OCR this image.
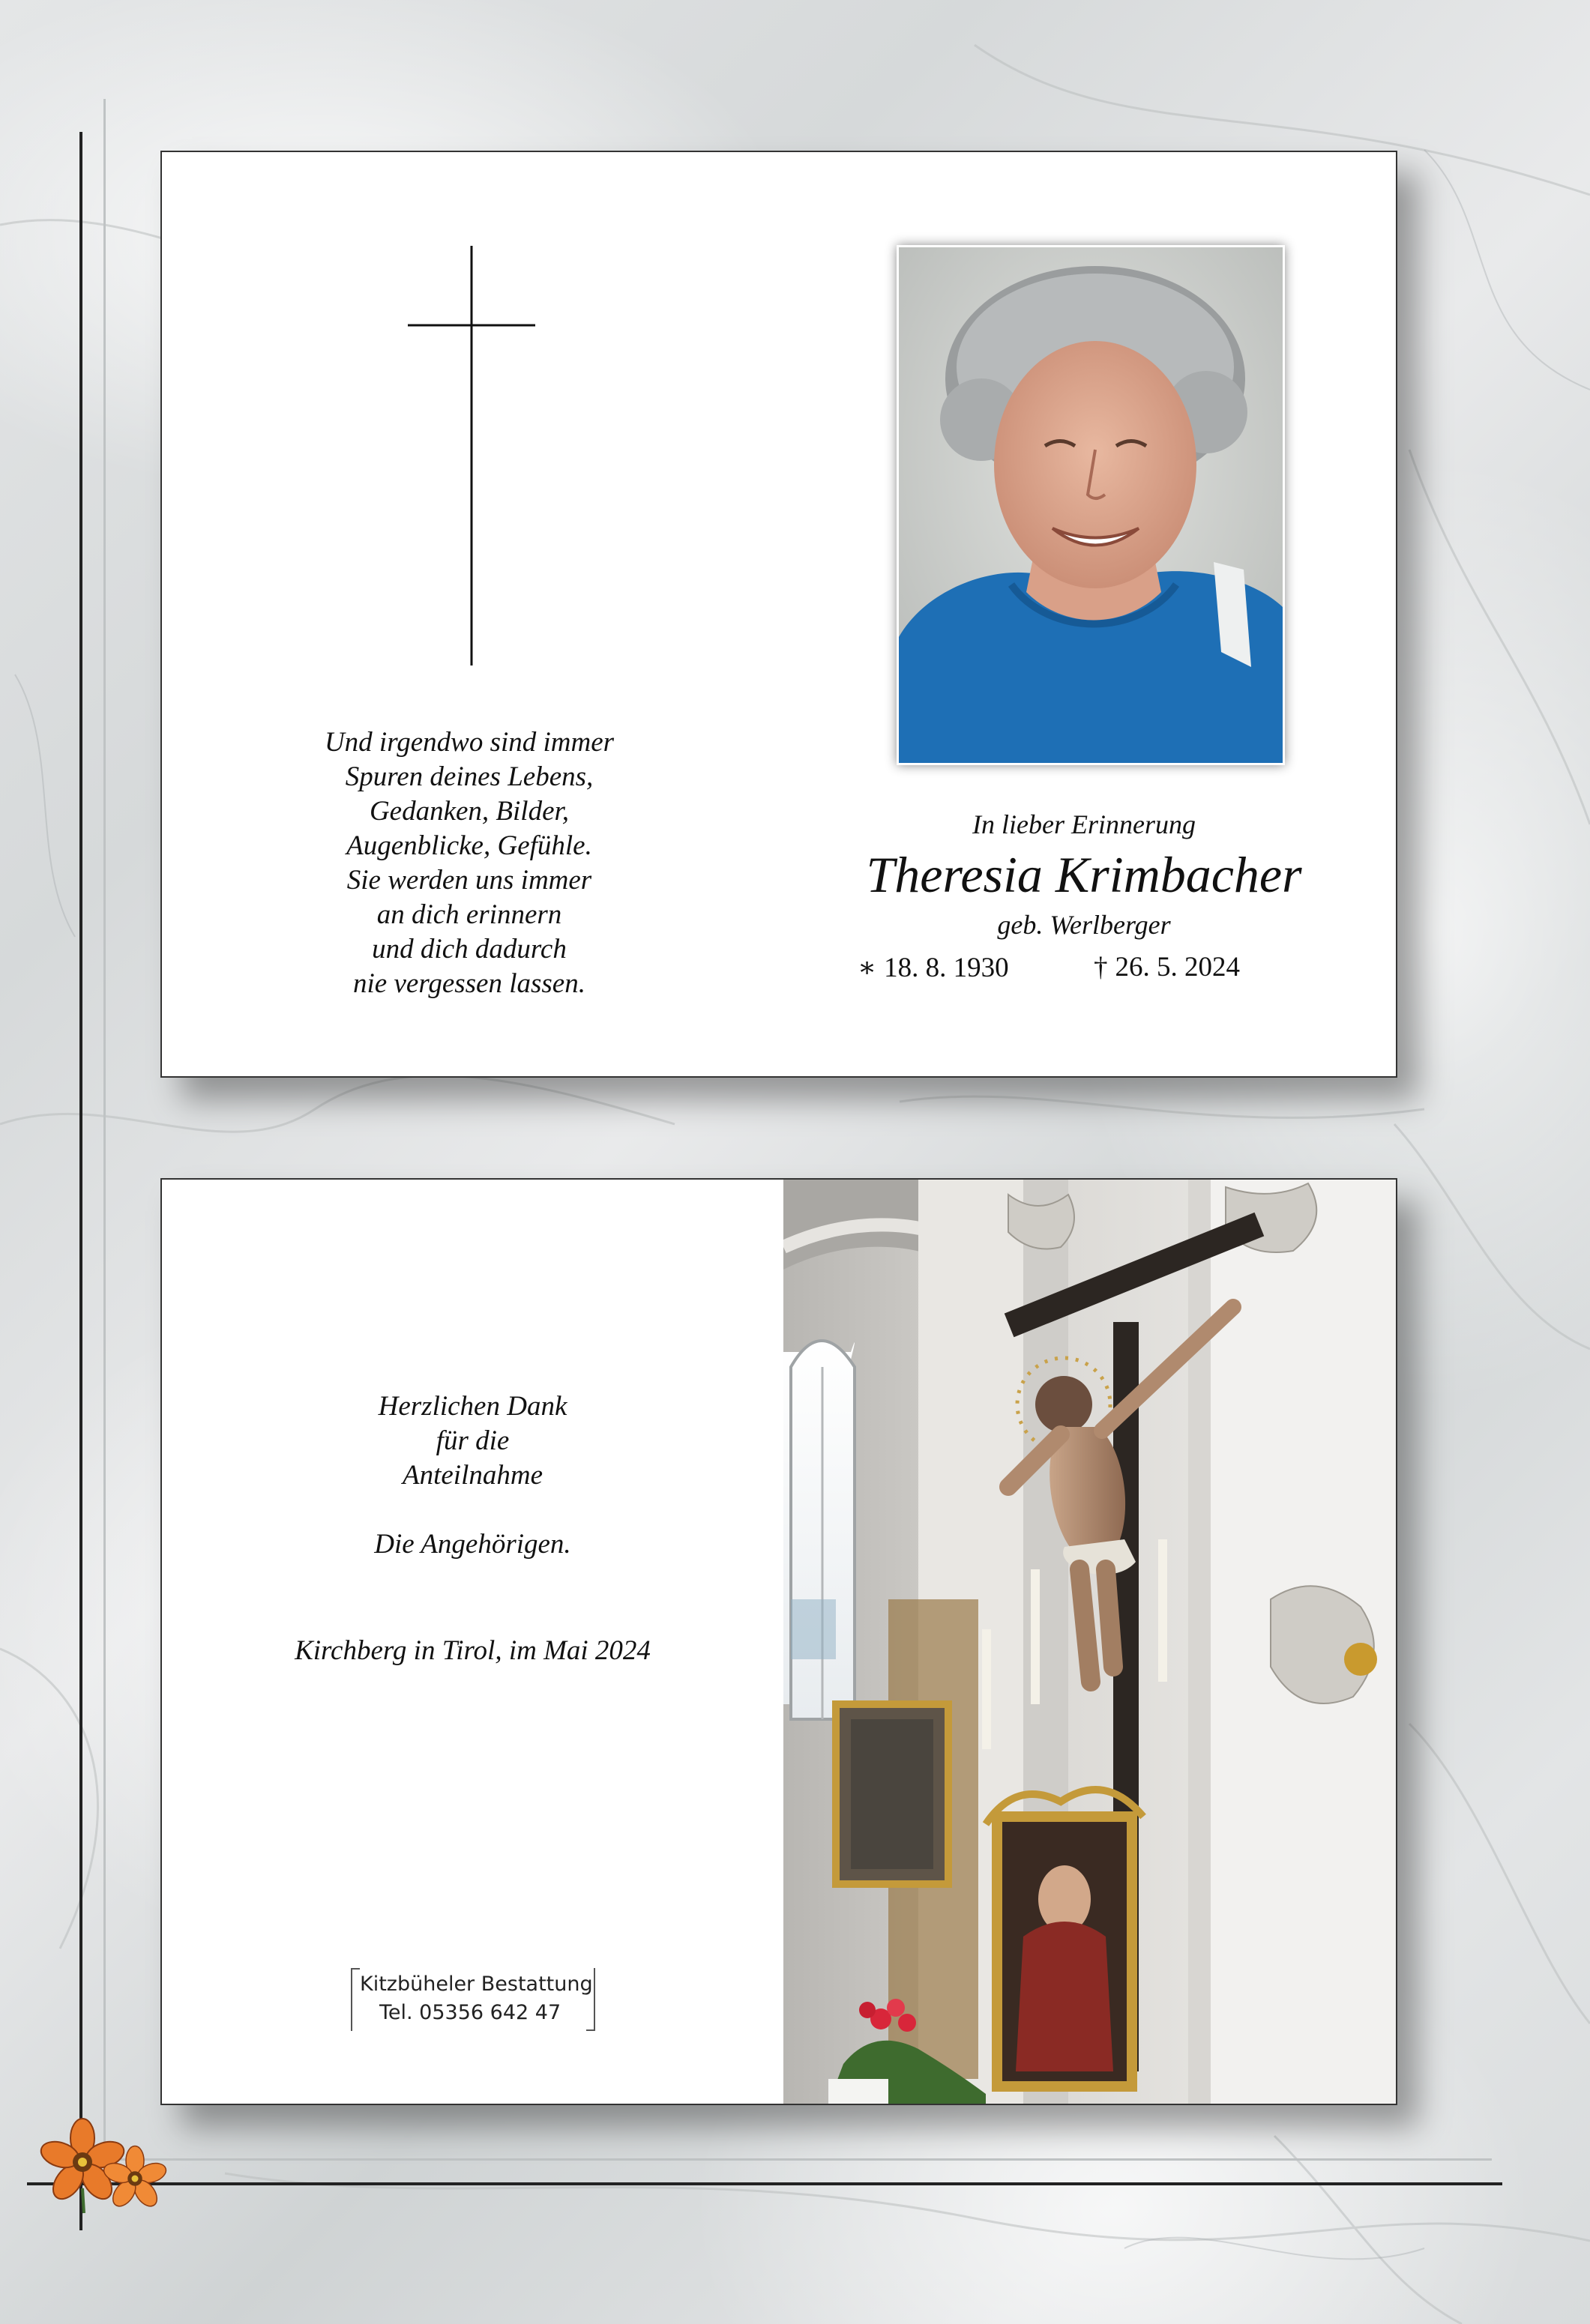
Und irgendwo sind immer
Spuren deines Lebens,
Gedanken, Bilder,
Augenblicke, Gefühle.
Sie werden uns immer
an dich erinnern
und dich dadurch
nie vergessen lassen.
In lieber Erinnerung
Theresia Krimbacher
geb. Werlberger
∗ 18. 8. 1930	† 26. 5. 2024
Herzlichen Dank
für die
Anteilnahme
Die Angehörigen.
Kirchberg in Tirol, im Mai 2024
Kitzbüheler Bestattung
Tel. 05356 642 47
